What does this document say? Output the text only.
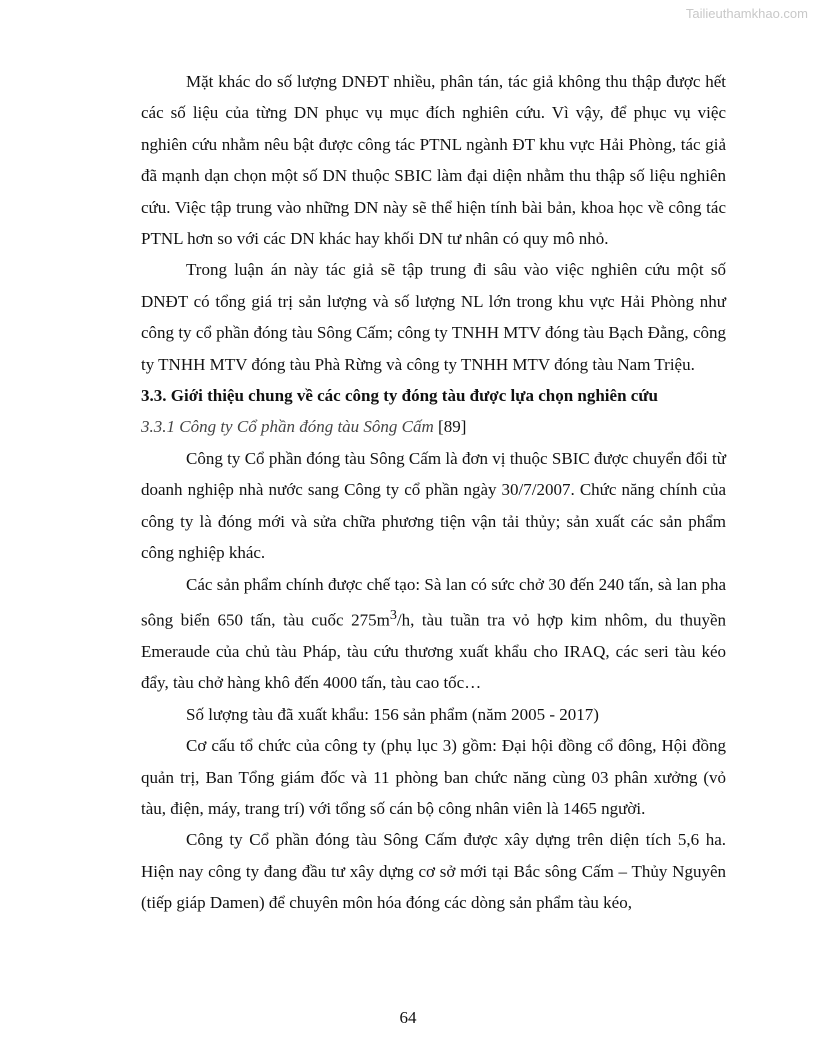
Tailieuthamkhao.com

Mặt khác do số lượng DNĐT nhiều, phân tán, tác giả không thu thập được hết các số liệu của từng DN phục vụ mục đích nghiên cứu. Vì vậy, để phục vụ việc nghiên cứu nhằm nêu bật được công tác PTNL ngành ĐT khu vực Hải Phòng, tác giả đã mạnh dạn chọn một số DN thuộc SBIC làm đại diện nhằm thu thập số liệu nghiên cứu. Việc tập trung vào những DN này sẽ thể hiện tính bài bản, khoa học về công tác PTNL hơn so với các DN khác hay khối DN tư nhân có quy mô nhỏ.

Trong luận án này tác giả sẽ tập trung đi sâu vào việc nghiên cứu một số DNĐT có tổng giá trị sản lượng và số lượng NL lớn trong khu vực Hải Phòng như công ty cổ phần đóng tàu Sông Cấm; công ty TNHH MTV đóng tàu Bạch Đằng, công ty TNHH MTV đóng tàu Phà Rừng và công ty TNHH MTV đóng tàu Nam Triệu.

3.3. Giới thiệu chung về các công ty đóng tàu được lựa chọn nghiên cứu

3.3.1 Công ty Cổ phần đóng tàu Sông Cấm [89]

Công ty Cổ phần đóng tàu Sông Cấm là đơn vị thuộc SBIC được chuyển đổi từ doanh nghiệp nhà nước sang Công ty cổ phần ngày 30/7/2007. Chức năng chính của công ty là đóng mới và sửa chữa phương tiện vận tải thủy; sản xuất các sản phẩm công nghiệp khác.

Các sản phẩm chính được chế tạo: Sà lan có sức chở 30 đến 240 tấn, sà lan pha sông biển 650 tấn, tàu cuốc $275m^3/h$, tàu tuần tra vỏ hợp kim nhôm, du thuyền Emeraude của chủ tàu Pháp, tàu cứu thương xuất khẩu cho IRAQ, các seri tàu kéo đẩy, tàu chở hàng khô đến 4000 tấn, tàu cao tốc…

Số lượng tàu đã xuất khẩu: 156 sản phẩm (năm 2005 - 2017)

Cơ cấu tổ chức của công ty (phụ lục 3) gồm: Đại hội đồng cổ đông, Hội đồng quản trị, Ban Tổng giám đốc và 11 phòng ban chức năng cùng 03 phân xưởng (vỏ tàu, điện, máy, trang trí) với tổng số cán bộ công nhân viên là 1465 người.

Công ty Cổ phần đóng tàu Sông Cấm được xây dựng trên diện tích 5,6 ha. Hiện nay công ty đang đầu tư xây dựng cơ sở mới tại Bắc sông Cấm – Thủy Nguyên (tiếp giáp Damen) để chuyên môn hóa đóng các dòng sản phẩm tàu kéo,

64
